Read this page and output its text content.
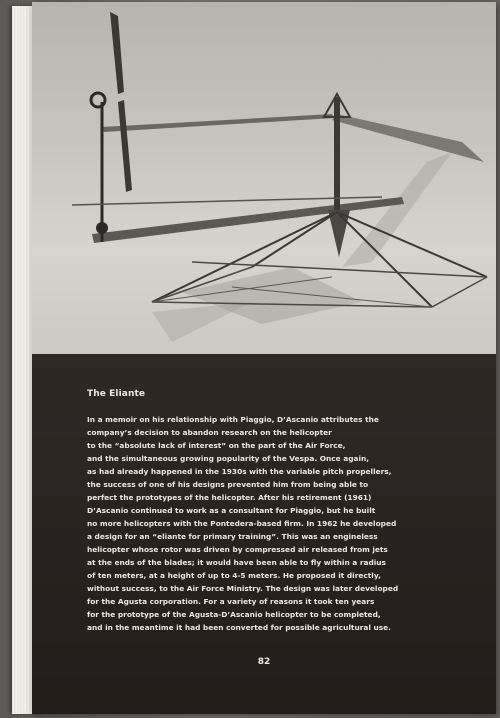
The Eliante

In a memoir on his relationship with Piaggio, D’Ascanio attributes the
company’s decision to abandon research on the helicopter
to the “absolute lack of interest” on the part of the Air Force,
and the simultaneous growing popularity of the Vespa. Once again,
as had already happened in the 1930s with the variable pitch propellers,
the success of one of his designs prevented him from being able to
perfect the prototypes of the helicopter. After his retirement (1961)
D’Ascanio continued to work as a consultant for Piaggio, but he built
no more helicopters with the Pontedera-based firm. In 1962 he developed
a design for an “eliante for primary training”. This was an engineless
helicopter whose rotor was driven by compressed air released from jets
at the ends of the blades; it would have been able to fly within a radius
of ten meters, at a height of up to 4-5 meters. He proposed it directly,
without success, to the Air Force Ministry. The design was later developed
for the Agusta corporation. For a variety of reasons it took ten years
for the prototype of the Agusta-D’Ascanio helicopter to be completed,
and in the meantime it had been converted for possible agricultural use.
82
